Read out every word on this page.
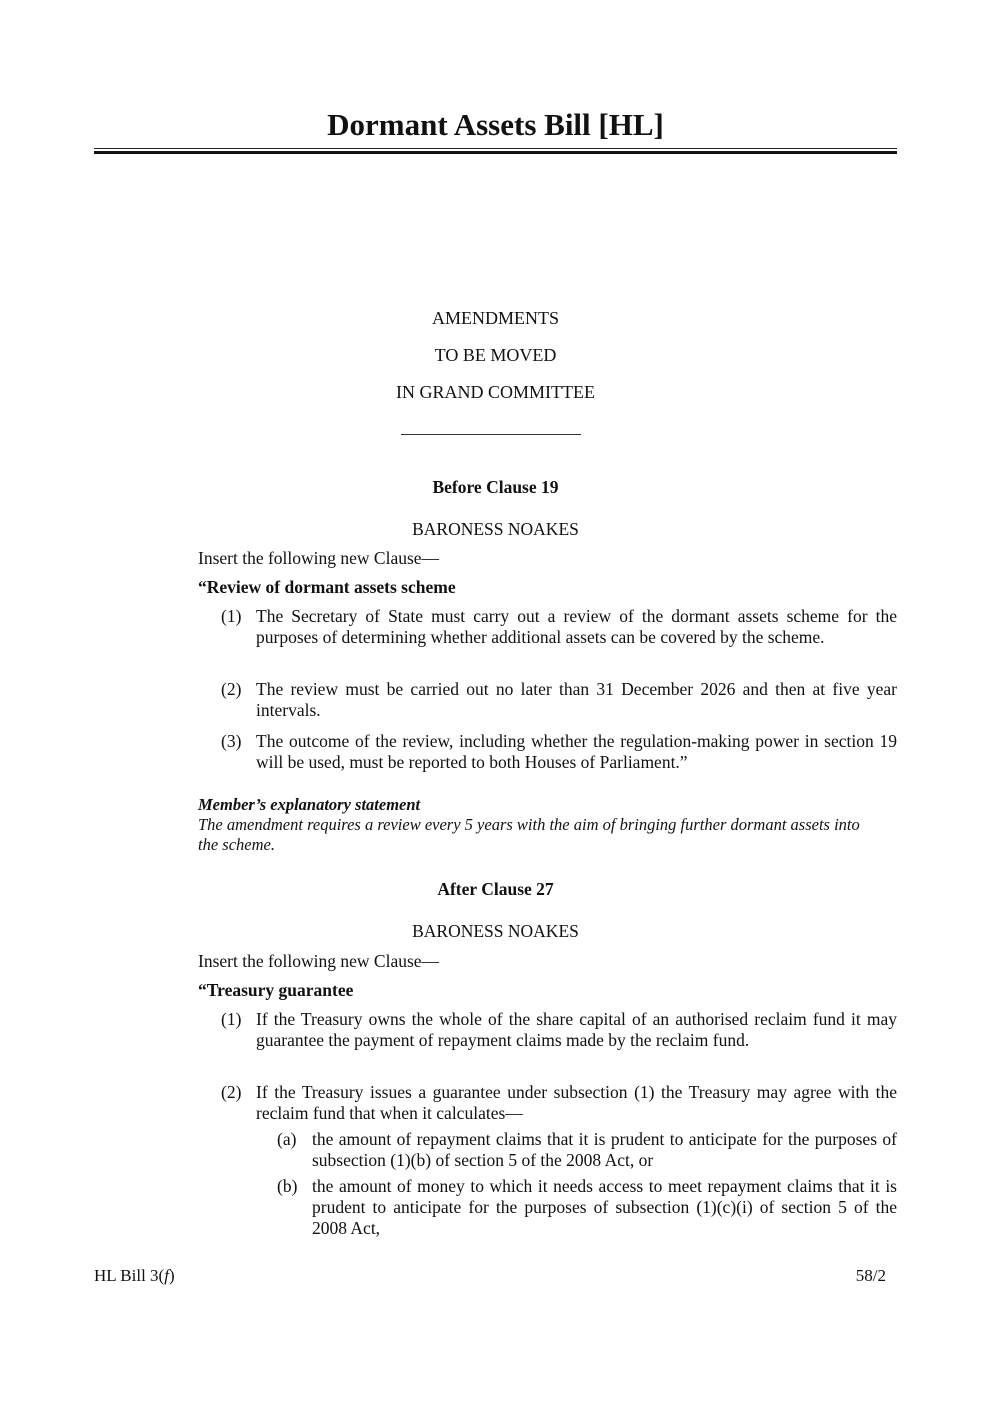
Dormant Assets Bill [HL]
AMENDMENTS
TO BE MOVED
IN GRAND COMMITTEE
Before Clause 19
BARONESS NOAKES
Insert the following new Clause—
“Review of dormant assets scheme
(1) The Secretary of State must carry out a review of the dormant assets scheme for the purposes of determining whether additional assets can be covered by the scheme.
(2) The review must be carried out no later than 31 December 2026 and then at five year intervals.
(3) The outcome of the review, including whether the regulation-making power in section 19 will be used, must be reported to both Houses of Parliament.”
Member’s explanatory statement
The amendment requires a review every 5 years with the aim of bringing further dormant assets into the scheme.
After Clause 27
BARONESS NOAKES
Insert the following new Clause—
“Treasury guarantee
(1) If the Treasury owns the whole of the share capital of an authorised reclaim fund it may guarantee the payment of repayment claims made by the reclaim fund.
(2) If the Treasury issues a guarantee under subsection (1) the Treasury may agree with the reclaim fund that when it calculates—
(a) the amount of repayment claims that it is prudent to anticipate for the purposes of subsection (1)(b) of section 5 of the 2008 Act, or
(b) the amount of money to which it needs access to meet repayment claims that it is prudent to anticipate for the purposes of subsection (1)(c)(i) of section 5 of the 2008 Act,
HL Bill 3(f)	58/2
